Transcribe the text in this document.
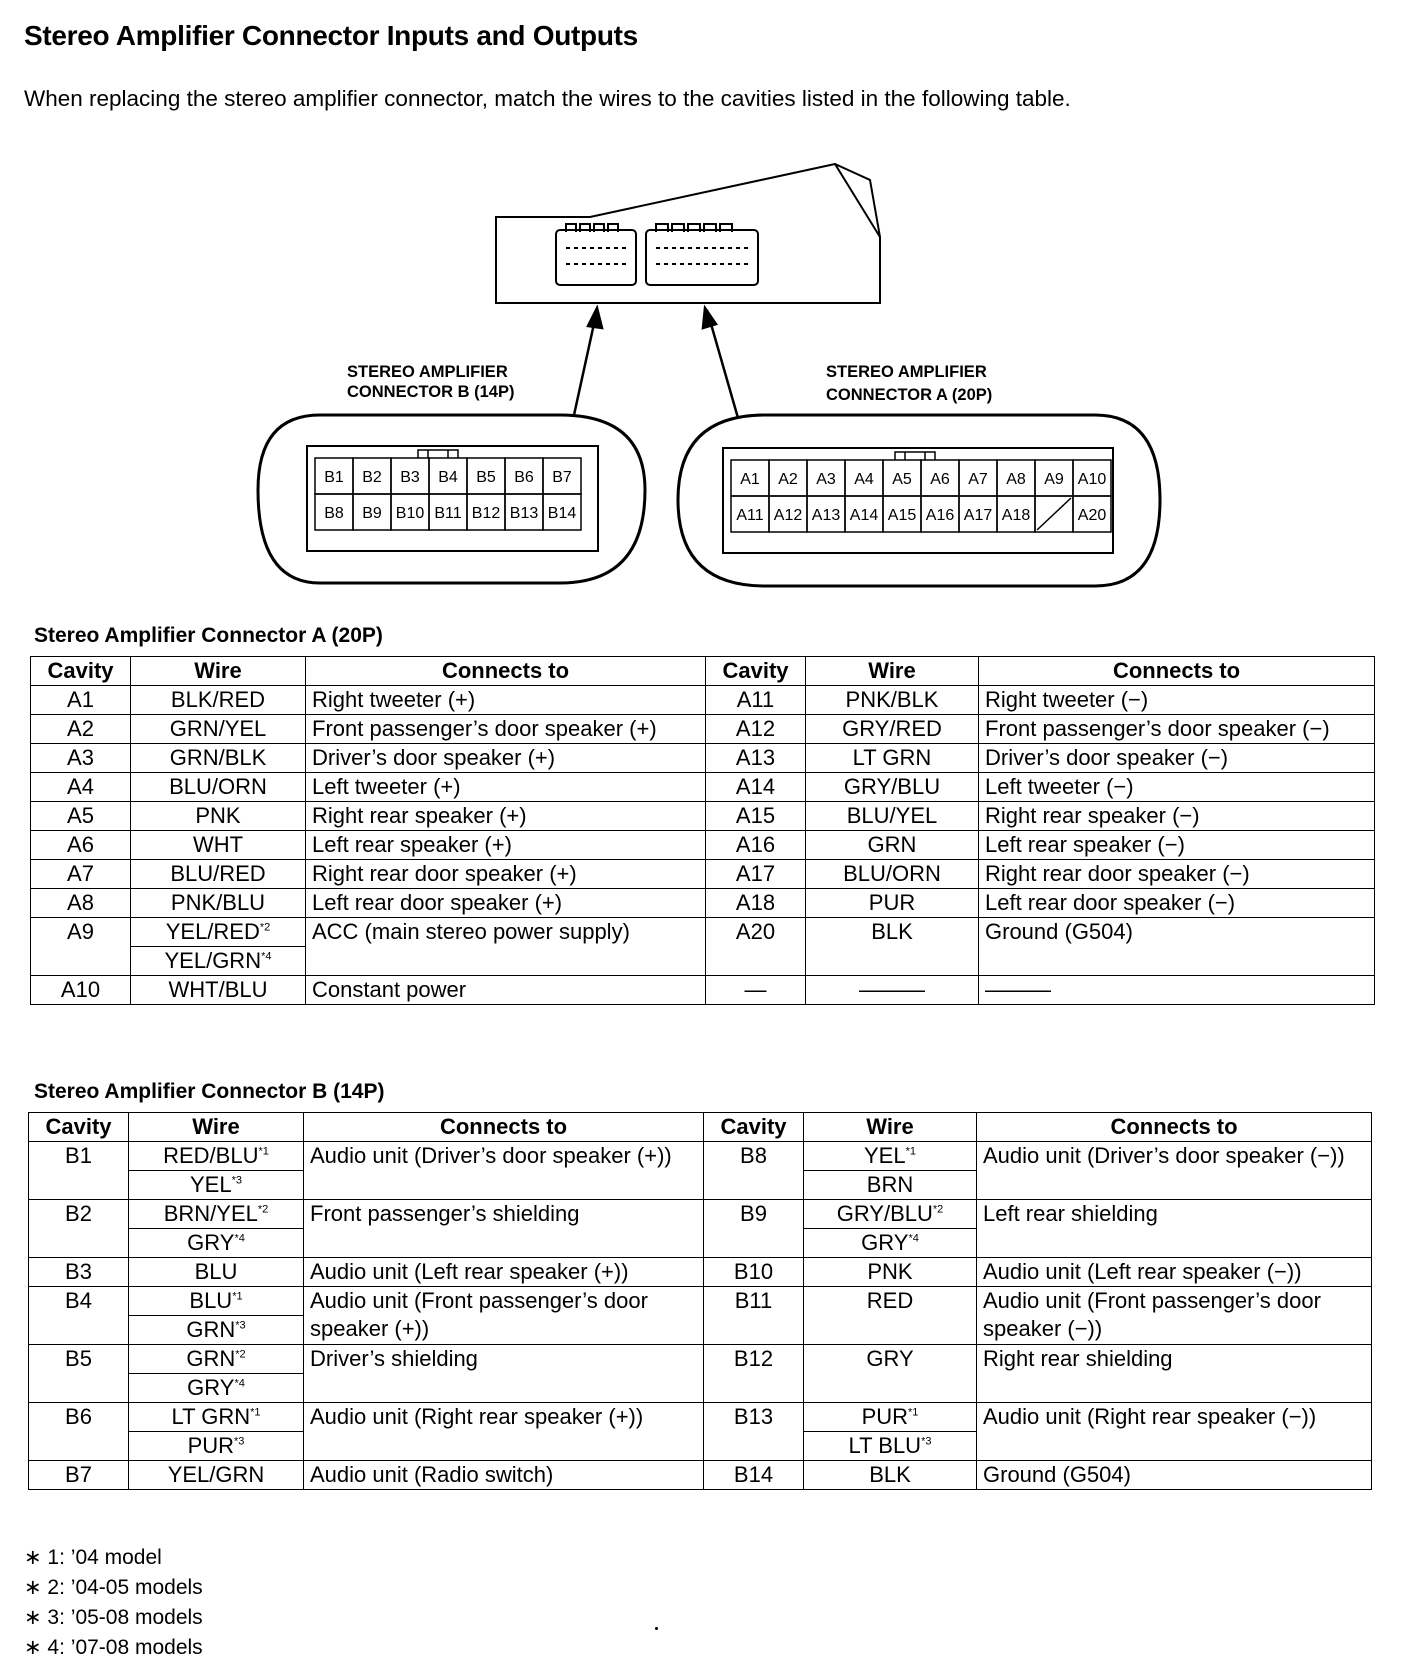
Stereo Amplifier Connector Inputs and Outputs
When replacing the stereo amplifier connector, match the wires to the cavities listed in the following table.
STEREO AMPLIFIER
CONNECTOR B (14P)
STEREO AMPLIFIER
CONNECTOR A (20P)
B1 B2 B3 B4 B5 B6 B7
B8 B9 B10 B11 B12 B13 B14
A1 A2 A3 A4 A5 A6 A7 A8 A9 A10
A11 A12 A13 A14 A15 A16 A17 A18	A20
Stereo Amplifier Connector A (20P)
Cavity	Wire	Connects to	Cavity	Wire	Connects to
A1	BLK/RED	Right tweeter (+)	A11	PNK/BLK	Right tweeter (−)
A2	GRN/YEL	Front passenger’s door speaker (+)	A12	GRY/RED	Front passenger’s door speaker (−)
A3	GRN/BLK	Driver’s door speaker (+)	A13	LT GRN	Driver’s door speaker (−)
A4	BLU/ORN	Left tweeter (+)	A14	GRY/BLU	Left tweeter (−)
A5	PNK	Right rear speaker (+)	A15	BLU/YEL	Right rear speaker (−)
A6	WHT	Left rear speaker (+)	A16	GRN	Left rear speaker (−)
A7	BLU/RED	Right rear door speaker (+)	A17	BLU/ORN	Right rear door speaker (−)
A8	PNK/BLU	Left rear door speaker (+)	A18	PUR	Left rear door speaker (−)
A9	YEL/RED$^{*2}$	ACC (main stereo power supply)	A20	BLK	Ground (G504)
	YEL/GRN$^{*4}$
A10	WHT/BLU	Constant power	—	———	———
Stereo Amplifier Connector B (14P)
Cavity	Wire	Connects to	Cavity	Wire	Connects to
B1	RED/BLU$^{*1}$	Audio unit (Driver’s door speaker (+))	B8	YEL$^{*1}$	Audio unit (Driver’s door speaker (−))
	YEL$^{*3}$			BRN	
B2	BRN/YEL$^{*2}$	Front passenger’s shielding	B9	GRY/BLU$^{*2}$	Left rear shielding
	GRY$^{*4}$			GRY$^{*4}$
B3	BLU	Audio unit (Left rear speaker (+))	B10	PNK	Audio unit (Left rear speaker (−))
B4	BLU$^{*1}$	Audio unit (Front passenger’s door speaker (+))	B11	RED	Audio unit (Front passenger’s door speaker (−))
	GRN$^{*3}$
B5	GRN$^{*2}$	Driver’s shielding	B12	GRY	Right rear shielding
	GRY$^{*4}$
B6	LT GRN$^{*1}$	Audio unit (Right rear speaker (+))	B13	PUR$^{*1}$	Audio unit (Right rear speaker (−))
	PUR$^{*3}$			LT BLU$^{*3}$
B7	YEL/GRN	Audio unit (Radio switch)	B14	BLK	Ground (G504)
∗ 1: ’04 model
∗ 2: ’04-05 models
∗ 3: ’05-08 models
∗ 4: ’07-08 models
